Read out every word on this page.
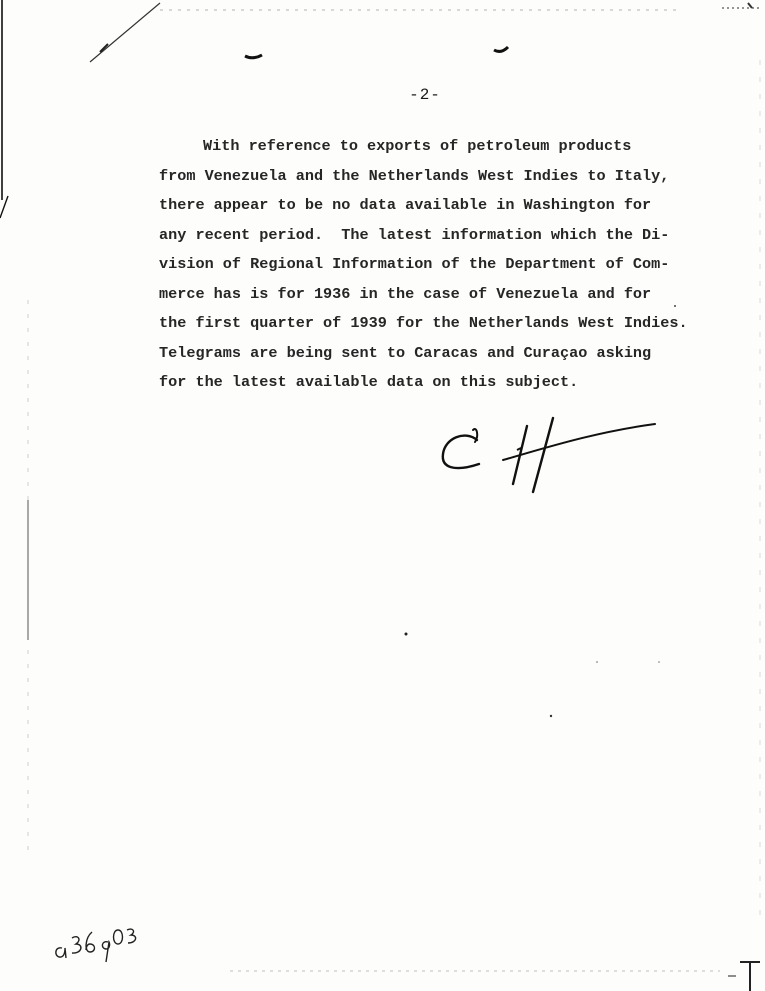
-2-
With reference to exports of petroleum products
from Venezuela and the Netherlands West Indies to Italy,
there appear to be no data available in Washington for
any recent period.  The latest information which the Di-
vision of Regional Information of the Department of Com-
merce has is for 1936 in the case of Venezuela and for
the first quarter of 1939 for the Netherlands West Indies.
Telegrams are being sent to Caracas and Curaçao asking
for the latest available data on this subject.
